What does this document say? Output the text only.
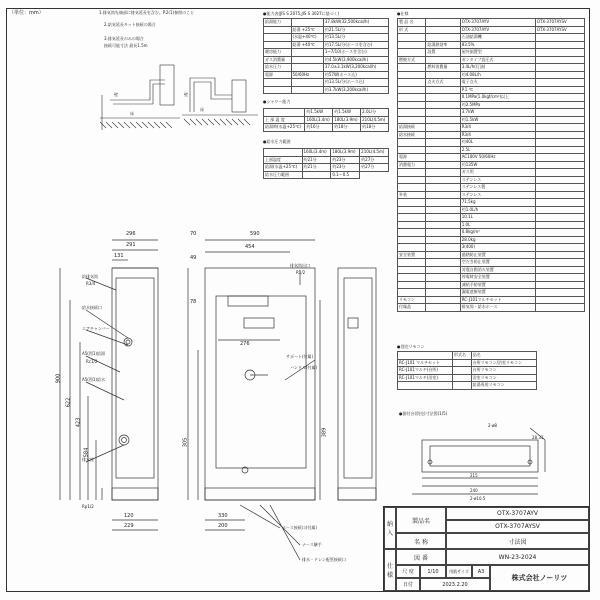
（単位：mm）	1.排気筒先端部に排気延長を含む。P.2(1)参照のこと
2.給気延長キット接続の場合
3.排気延長のみの場合
接続可能寸法 最長1.5m
壁
床
壁
床
296
291
131
120
229
900
622
423
584
給排気筒
R3/4
給水接続口
エアチャンバー
A5(図1)給湯
Rc1/2
A5(図1)給水
排水栓
Rp1/2
590
454
49
70
276
330
200
389
305
78
排気筒出口
R1/2
サポート(付属)
ハンドル(付属)
ホース接続口(付属)
ナース継手
排水・ドレン配管接続口
●据付台(別売)寸法図(1/5)
2-ø8
28.31
215
240
2-ø10.5
●能力表(JIS S 2075,JIS S 3027に基づく)
給湯能力		37.8kW(32,500kcal/h)
	給湯 +25℃	約21.5L/分
	(水温+40℃)	約13.5L/分
	給湯 +40℃	約17.5L/分(ホースを含む)
暖房能力		1~7/10(ホースを含む)
ガス消費量		約4.5kW(3,900kcal/h)
給水圧力		37.0±3.1kW(3,200kcal/h)
電源	50/60Hz	約57W(ホース込)
		約13.5L/分(ホース込)
		約3.7kW(3,200kcal/h)
●シャワー能力
	約1.5kW	約1.5kW	2.0L/分
上 部 温 度	160L(3.4m)	180L(3.9m)	210L(4.5m)
給湯時(水温+25℃)	約16分	約18分	約18分
●給水圧力範囲
	160L(3.4m)	180L(3.9m)	210L(4.5m)
上部温度	約21分	約23分	約27分
給湯(水温+25℃)	約21分	約23分	約27分
給水圧力範囲		0.1～0.5	
●仕様
製 品 名		OTX-3707AYV	OTX-3707AYSV
形 式		OTX-3707AYV	OTX-3707AYSV
		石油給湯機	
	給湯熱効率	83.5%	
	設置	屋外据置型	
燃焼方式		ガンタイプ直圧式	
	燃料消費量	3.4L/h(灯油)	
		約4.08L/h	
	点火方式	電子点火	
		P.1 ℃	
		0.1MPa(1.0kgf/cm²)以上	
		約2.5MPa	
		3.7kW	
		約1.5kW	
給湯接続		R3/4	
給水接続		R3/4	
		約40L	
		2.5L	
電源		AC100V 50/60Hz	
消費電力		約135W	
		ガス用	
		ステンレス	
		ステンレス製	
外装		ステンレス	
		71.5kg	
		約1.0L/h	
		10.1L	
		1.0L	
		0.8kg/m³	
		28.0kg	
		3(400)	
安全装置		過熱防止装置	
		空だき防止装置	
		対震自動消火装置	
		停電時安全装置	
		凍結予防装置	
		漏電遮断装置	
リモコン		RC-J101マルチセット	
付属品		排気筒・給水ホース	
●別売リモコン
	形式名	品名
RC-J101 マルチセット		台所リモコン/浴室リモコン
RC-J101マルチ(台所)		台所リモコン
RC-J101マルチ(浴室)		浴室リモコン
		給湯専用リモコン
納
入
仕
様
製品名
OTX-3707AYV
OTX-3707AYSV
名 称	寸法図
図 番	WN-23-2024
尺 度	1/10	用紙サイズ	A3
日付	2023.2.20
株式会社ノーリツ
